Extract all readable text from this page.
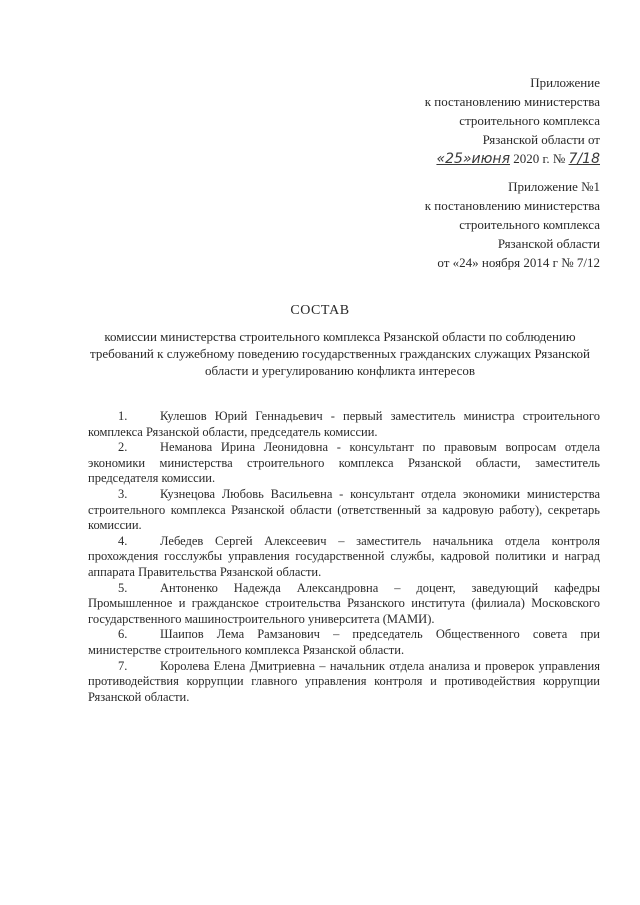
Приложение
к постановлению министерства
строительного комплекса
Рязанской области от
«25»июня 2020 г. № 7/18
Приложение №1
к постановлению министерства
строительного комплекса
Рязанской области
от «24» ноября 2014 г № 7/12
СОСТАВ
комиссии министерства строительного комплекса Рязанской области по соблюдению требований к служебному поведению государственных гражданских служащих Рязанской области и урегулированию конфликта интересов
1.	Кулешов Юрий Геннадьевич - первый заместитель министра строительного комплекса Рязанской области, председатель комиссии.
2.	Неманова Ирина Леонидовна - консультант по правовым вопросам отдела экономики министерства строительного комплекса Рязанской области, заместитель председателя комиссии.
3.	Кузнецова Любовь Васильевна - консультант отдела экономики министерства строительного комплекса Рязанской области (ответственный за кадровую работу), секретарь комиссии.
4.	Лебедев Сергей Алексеевич – заместитель начальника отдела контроля прохождения госслужбы управления государственной службы, кадровой политики и наград аппарата Правительства Рязанской области.
5.	Антоненко Надежда Александровна – доцент, заведующий кафедры Промышленное и гражданское строительства Рязанского института (филиала) Московского государственного машиностроительного университета (МАМИ).
6.	Шаипов Лема Рамзанович – председатель Общественного совета при министерстве строительного комплекса Рязанской области.
7.	Королева Елена Дмитриевна – начальник отдела анализа и проверок управления противодействия коррупции главного управления контроля и противодействия коррупции Рязанской области.
